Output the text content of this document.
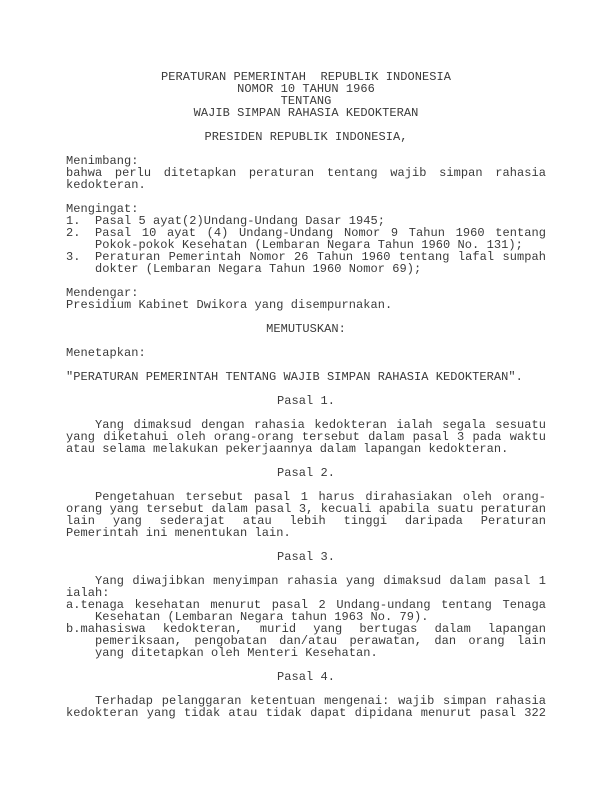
PERATURAN PEMERINTAH  REPUBLIK INDONESIA
NOMOR 10 TAHUN 1966
TENTANG
WAJIB SIMPAN RAHASIA KEDOKTERAN
PRESIDEN REPUBLIK INDONESIA,
Menimbang:
bahwa perlu ditetapkan peraturan tentang wajib simpan rahasia
kedokteran.
Mengingat:
1. Pasal 5 ayat(2)Undang-Undang Dasar 1945;
2. Pasal 10 ayat (4) Undang-Undang Nomor 9 Tahun 1960 tentang
Pokok-pokok Kesehatan (Lembaran Negara Tahun 1960 No. 131);
3. Peraturan Pemerintah Nomor 26 Tahun 1960 tentang lafal sumpah
dokter (Lembaran Negara Tahun 1960 Nomor 69);
Mendengar:
Presidium Kabinet Dwikora yang disempurnakan.
MEMUTUSKAN:
Menetapkan:
"PERATURAN PEMERINTAH TENTANG WAJIB SIMPAN RAHASIA KEDOKTERAN".
Pasal 1.
Yang dimaksud dengan rahasia kedokteran ialah segala sesuatu
yang diketahui oleh orang-orang tersebut dalam pasal 3 pada waktu
atau selama melakukan pekerjaannya dalam lapangan kedokteran.
Pasal 2.
Pengetahuan tersebut pasal 1 harus dirahasiakan oleh orang-
orang yang tersebut dalam pasal 3, kecuali apabila suatu peraturan
lain yang sederajat atau lebih tinggi daripada Peraturan
Pemerintah ini menentukan lain.
Pasal 3.
Yang diwajibkan menyimpan rahasia yang dimaksud dalam pasal 1
ialah:
a.tenaga kesehatan menurut pasal 2 Undang-undang tentang Tenaga
Kesehatan (Lembaran Negara tahun 1963 No. 79).
b.mahasiswa kedokteran, murid yang bertugas dalam lapangan
pemeriksaan, pengobatan dan/atau perawatan, dan orang lain
yang ditetapkan oleh Menteri Kesehatan.
Pasal 4.
Terhadap pelanggaran ketentuan mengenai: wajib simpan rahasia
kedokteran yang tidak atau tidak dapat dipidana menurut pasal 322
